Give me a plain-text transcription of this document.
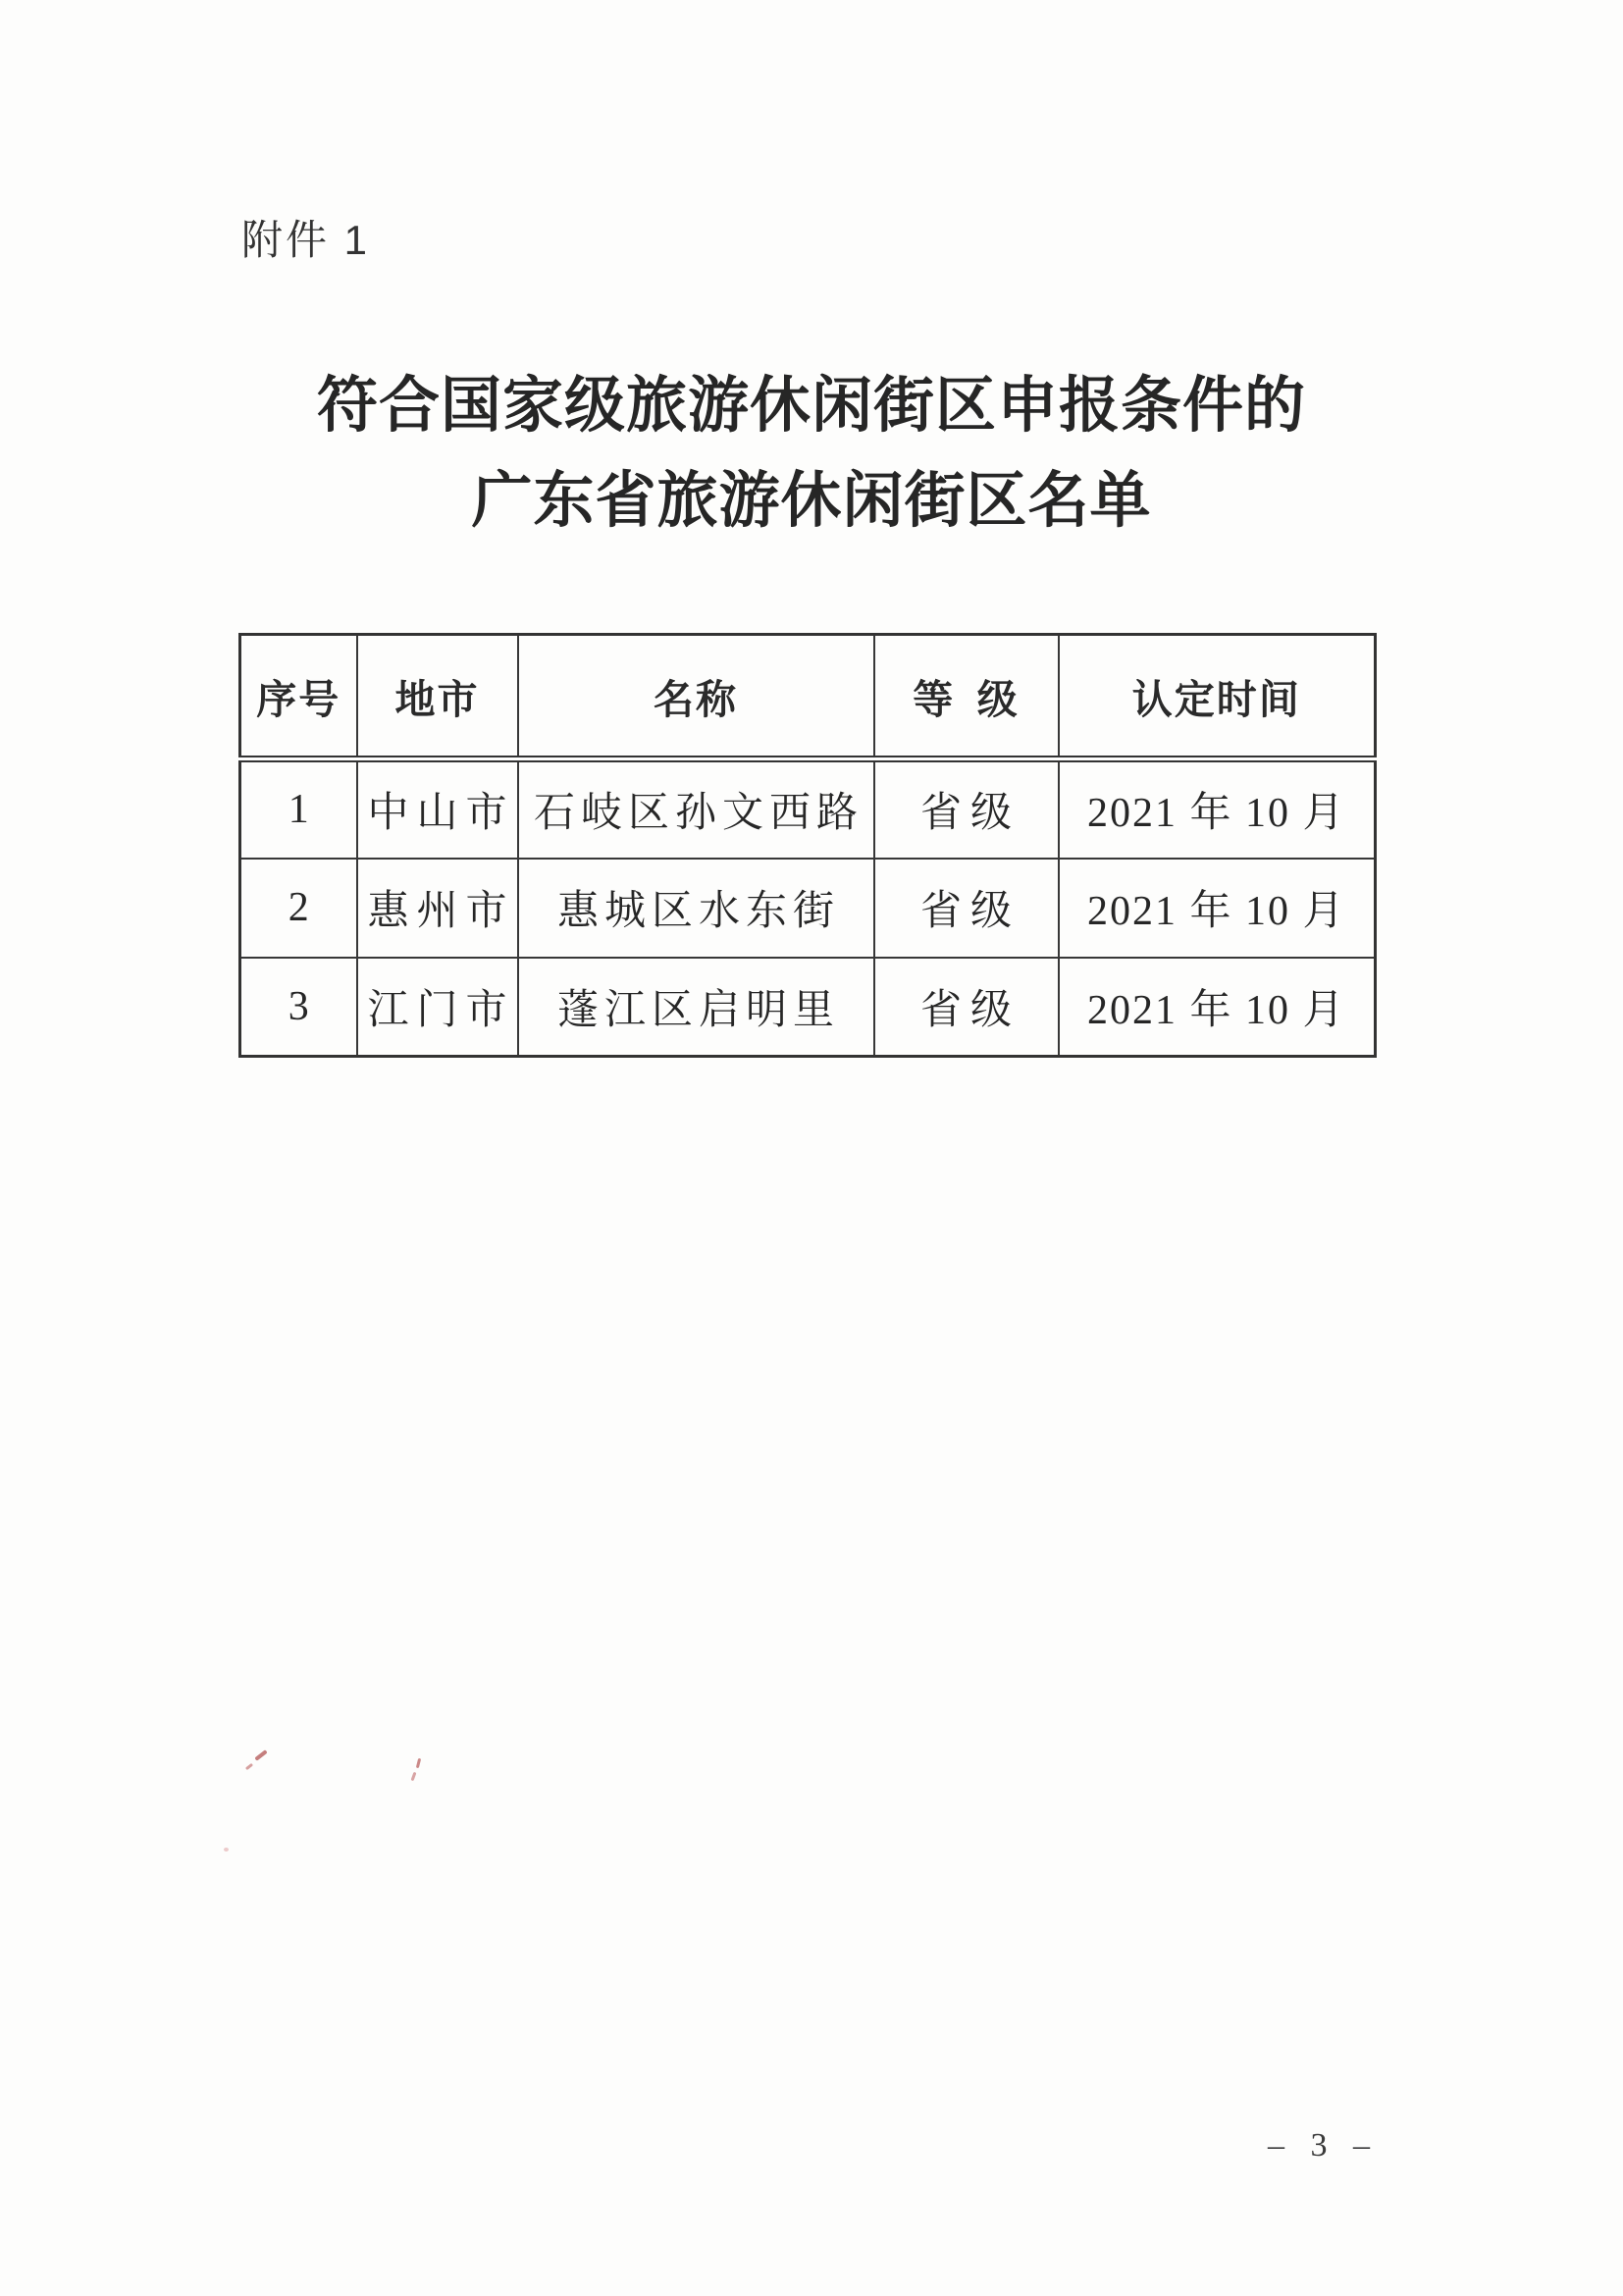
附件 1
符合国家级旅游休闲街区申报条件的
广东省旅游休闲街区名单
序号	地市	名称	等 级	认定时间
1	中山市	石岐区孙文西路	省级	2021 年 10 月
2	惠州市	惠城区水东街	省级	2021 年 10 月
3	江门市	蓬江区启明里	省级	2021 年 10 月
– 3 –
